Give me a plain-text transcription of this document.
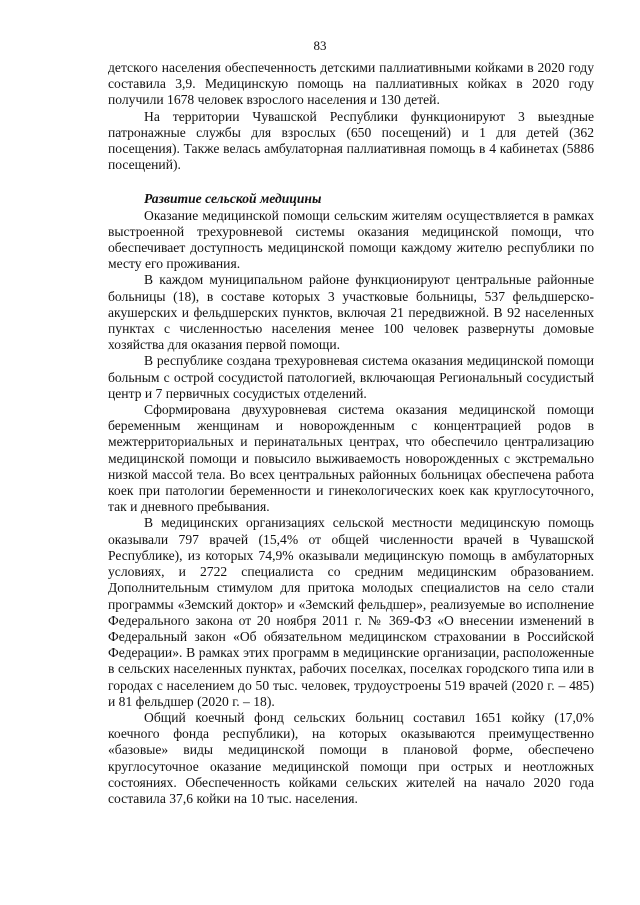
83

детского населения обеспеченность детскими паллиативными койками в 2020 году составила 3,9. Медицинскую помощь на паллиативных койках в 2020 году получили 1678 человек взрослого населения и 130 детей.

На территории Чувашской Республики функционируют 3 выездные патронажные службы для взрослых (650 посещений) и 1 для детей (362 посещения). Также велась амбулаторная паллиативная помощь в 4 кабинетах (5886 посещений).

Развитие сельской медицины

Оказание медицинской помощи сельским жителям осуществляется в рамках выстроенной трехуровневой системы оказания медицинской помощи, что обеспечивает доступность медицинской помощи каждому жителю республики по месту его проживания.

В каждом муниципальном районе функционируют центральные районные больницы (18), в составе которых 3 участковые больницы, 537 фельдшерско-акушерских и фельдшерских пунктов, включая 21 передвижной. В 92 населенных пунктах с численностью населения менее 100 человек развернуты домовые хозяйства для оказания первой помощи.

В республике создана трехуровневая система оказания медицинской помощи больным с острой сосудистой патологией, включающая Региональный сосудистый центр и 7 первичных сосудистых отделений.

Сформирована двухуровневая система оказания медицинской помощи беременным женщинам и новорожденным с концентрацией родов в межтерриториальных и перинатальных центрах, что обеспечило централизацию медицинской помощи и повысило выживаемость новорожденных с экстремально низкой массой тела. Во всех центральных районных больницах обеспечена работа коек при патологии беременности и гинекологических коек как круглосуточного, так и дневного пребывания.

В медицинских организациях сельской местности медицинскую помощь оказывали 797 врачей (15,4% от общей численности врачей в Чувашской Республике), из которых 74,9% оказывали медицинскую помощь в амбулаторных условиях, и 2722 специалиста со средним медицинским образованием. Дополнительным стимулом для притока молодых специалистов на село стали программы «Земский доктор» и «Земский фельдшер», реализуемые во исполнение Федерального закона от 20 ноября 2011 г. № 369-ФЗ «О внесении изменений в Федеральный закон «Об обязательном медицинском страховании в Российской Федерации». В рамках этих программ в медицинские организации, расположенные в сельских населенных пунктах, рабочих поселках, поселках городского типа или в городах с населением до 50 тыс. человек, трудоустроены 519 врачей (2020 г. – 485) и 81 фельдшер (2020 г. – 18).

Общий коечный фонд сельских больниц составил 1651 койку (17,0% коечного фонда республики), на которых оказываются преимущественно «базовые» виды медицинской помощи в плановой форме, обеспечено круглосуточное оказание медицинской помощи при острых и неотложных состояниях. Обеспеченность койками сельских жителей на начало 2020 года составила 37,6 койки на 10 тыс. населения.
